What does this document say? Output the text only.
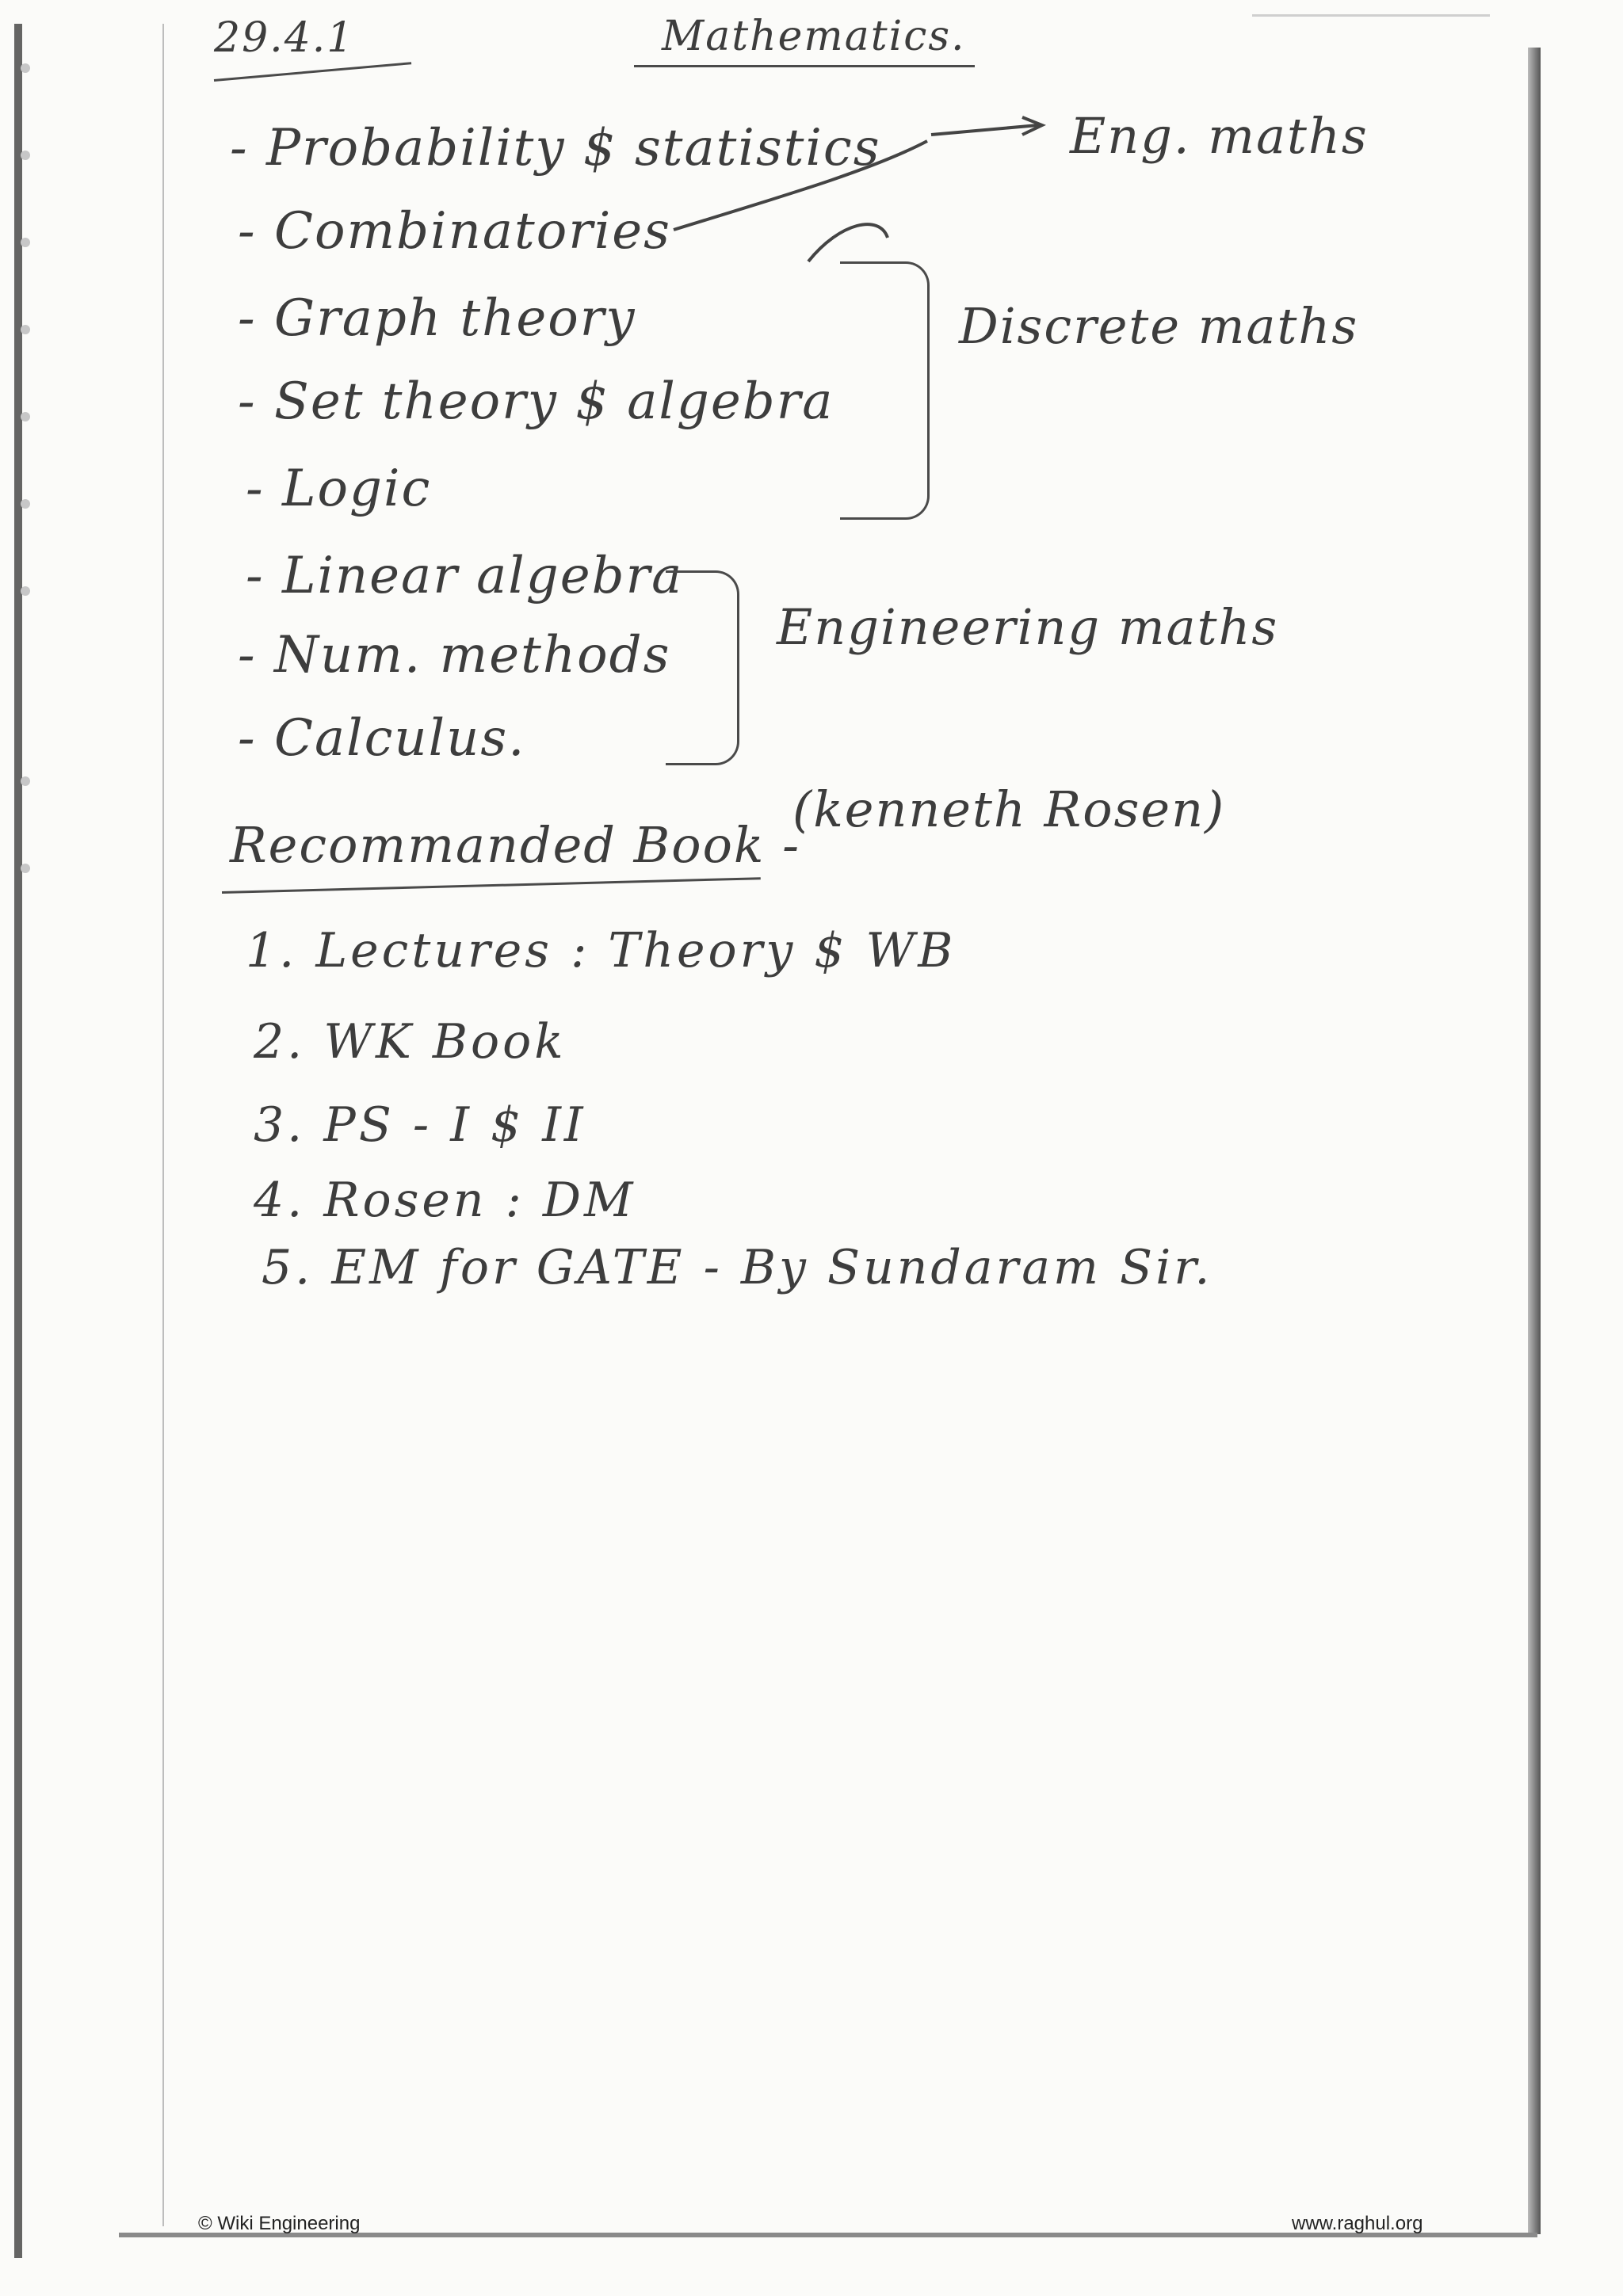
29.4.1	Mathematics.
- Probability $ statistics
- Combinatories
- Graph theory
- Set theory $ algebra
- Logic
- Linear algebra
- Num. methods
- Calculus.
Eng. maths
Discrete maths
Engineering maths
Recommanded Book -
(kenneth Rosen)
1. Lectures : Theory $ WB
2. WK Book
3. PS - I $ II
4. Rosen : DM
5. EM for GATE - By Sundaram Sir.
© Wiki Engineering	www.raghul.org
